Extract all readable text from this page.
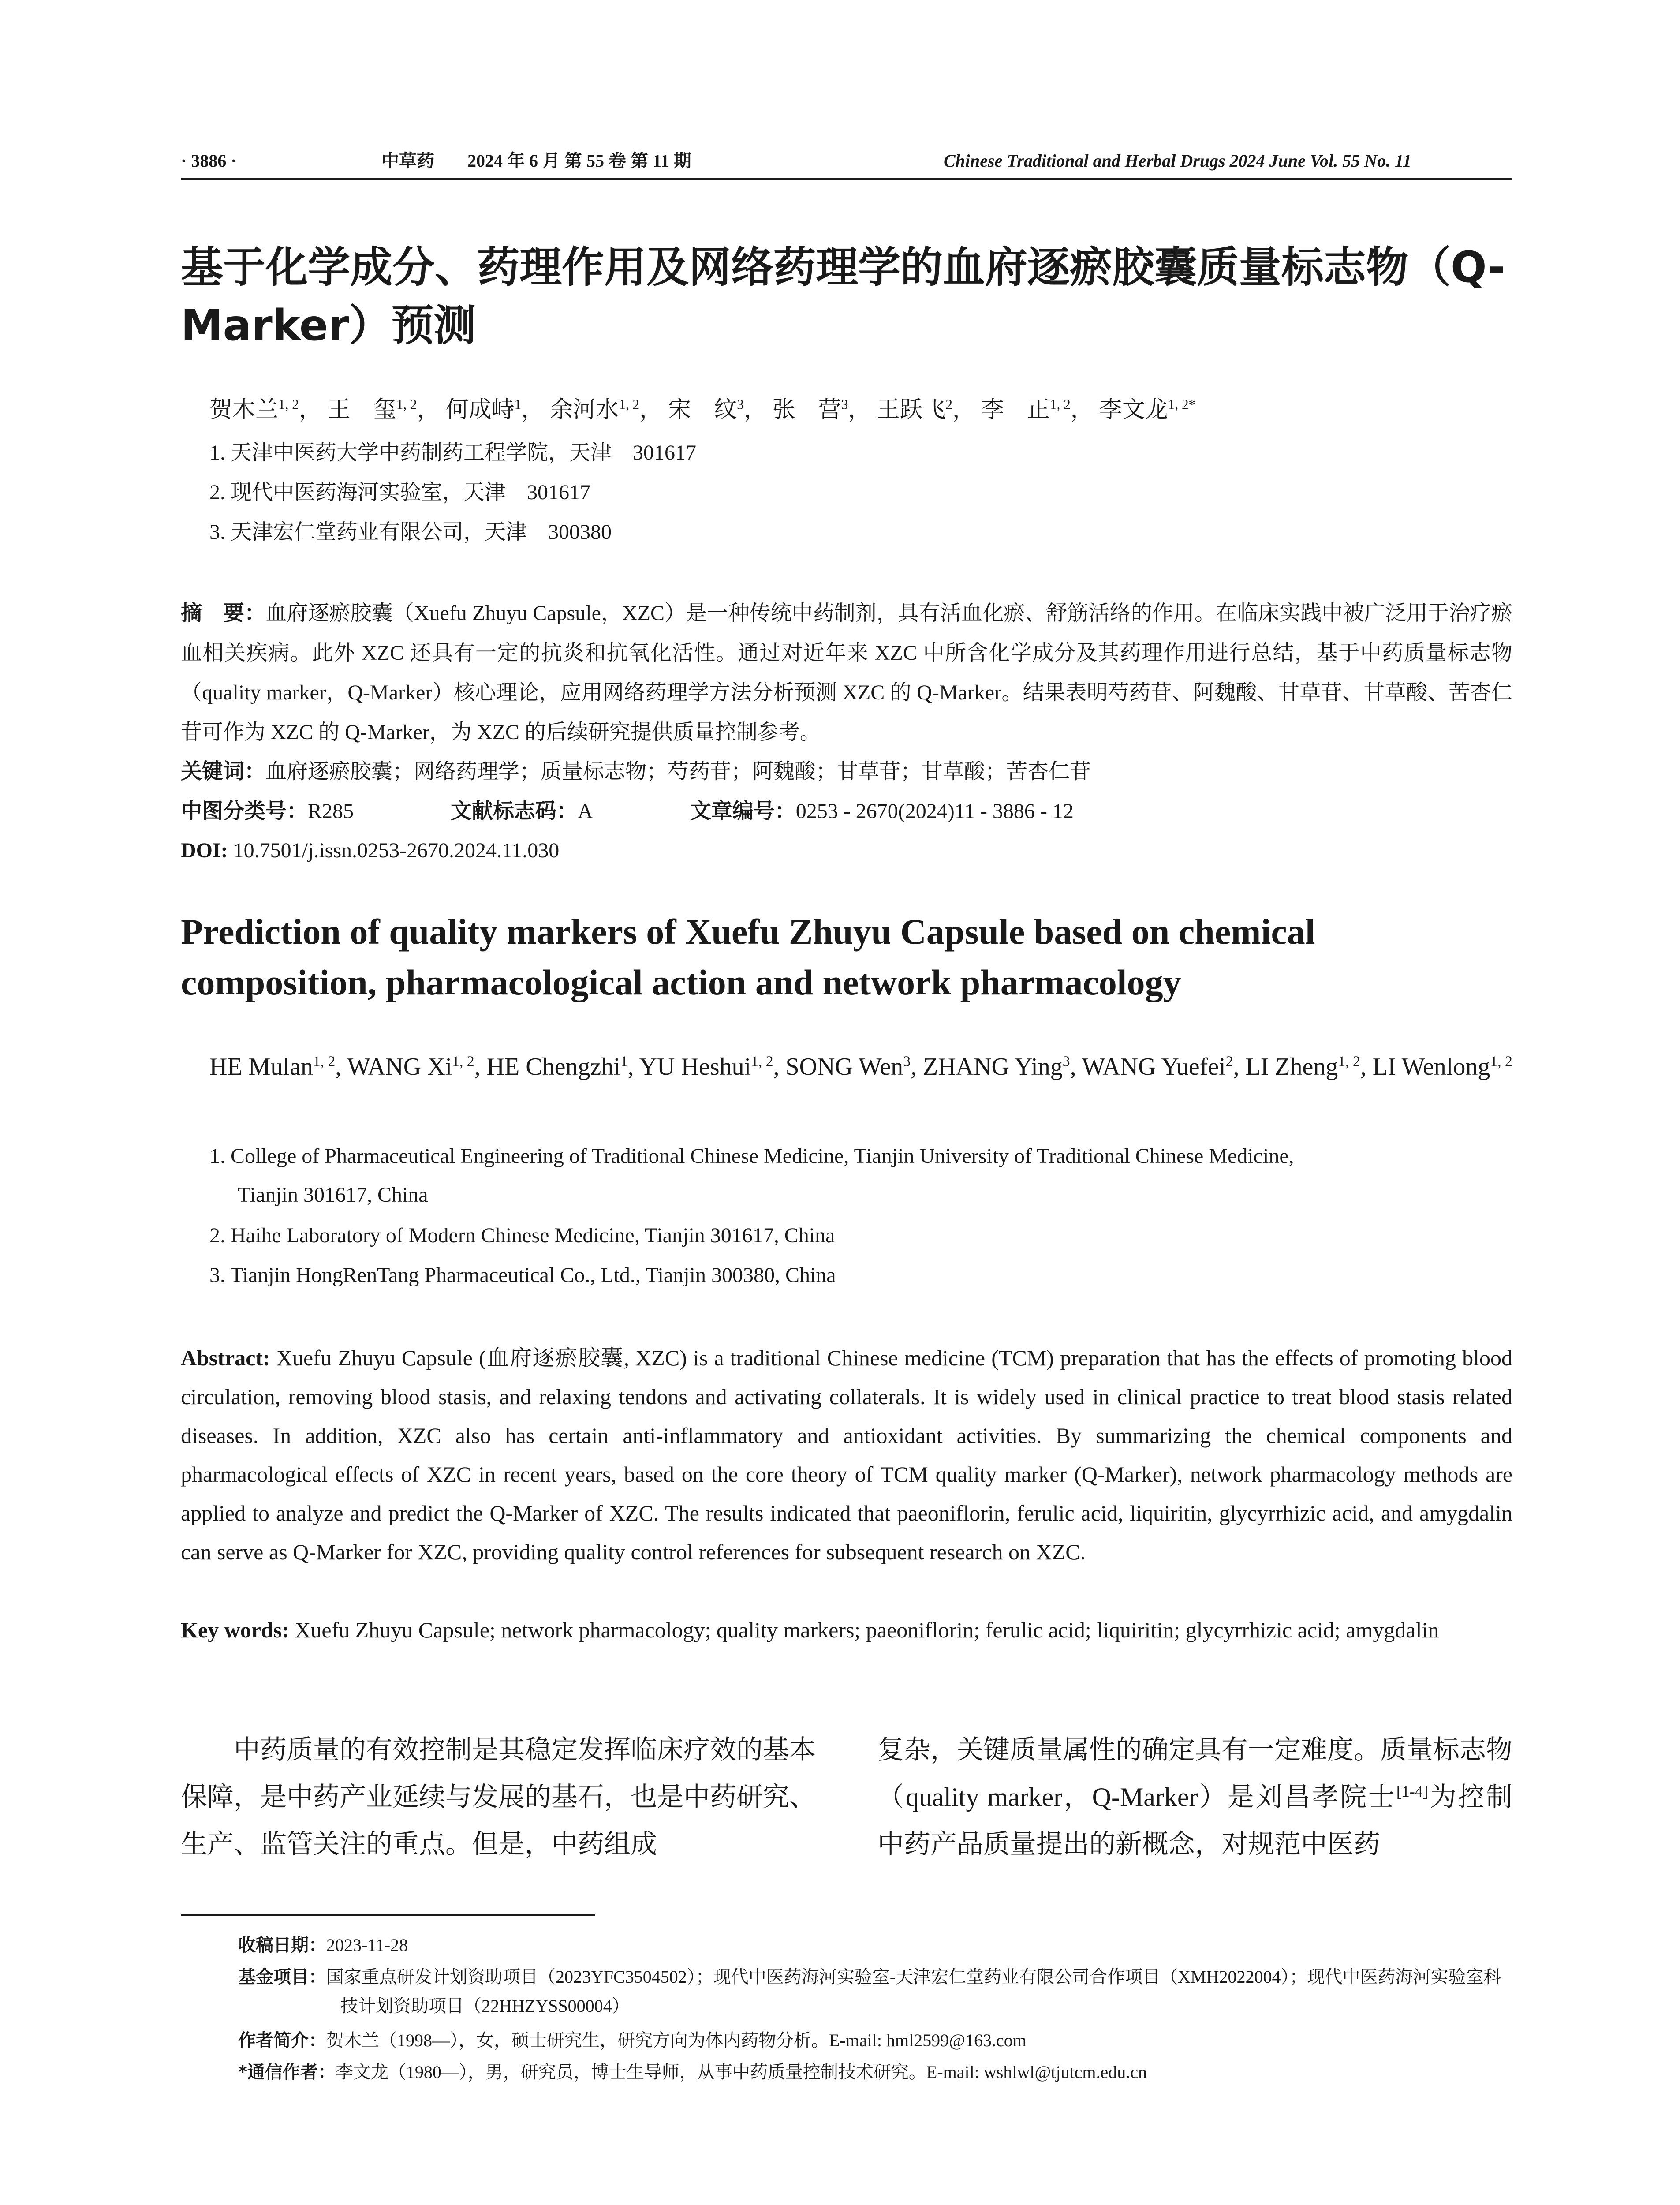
· 3886 ·	中草药 2024 年 6 月 第 55 卷 第 11 期	Chinese Traditional and Herbal Drugs 2024 June Vol. 55 No. 11
基于化学成分、药理作用及网络药理学的血府逐瘀胶囊质量标志物（Q-Marker）预测
贺木兰$^{1, 2}$， 王　玺$^{1, 2}$， 何成峙$^1$， 余河水$^{1, 2}$， 宋　纹$^3$， 张　营$^3$， 王跃飞$^2$， 李　正$^{1, 2}$， 李文龙$^{1, 2*}$
1. 天津中医药大学中药制药工程学院，天津　301617
2. 现代中医药海河实验室，天津　301617
3. 天津宏仁堂药业有限公司，天津　300380
摘　要：血府逐瘀胶囊（Xuefu Zhuyu Capsule，XZC）是一种传统中药制剂，具有活血化瘀、舒筋活络的作用。在临床实践中被广泛用于治疗瘀血相关疾病。此外 XZC 还具有一定的抗炎和抗氧化活性。通过对近年来 XZC 中所含化学成分及其药理作用进行总结，基于中药质量标志物（quality marker，Q-Marker）核心理论，应用网络药理学方法分析预测 XZC 的 Q-Marker。结果表明芍药苷、阿魏酸、甘草苷、甘草酸、苦杏仁苷可作为 XZC 的 Q-Marker，为 XZC 的后续研究提供质量控制参考。
关键词：血府逐瘀胶囊；网络药理学；质量标志物；芍药苷；阿魏酸；甘草苷；甘草酸；苦杏仁苷
中图分类号：R285	文献标志码：A	文章编号：0253 - 2670(2024)11 - 3886 - 12
DOI: 10.7501/j.issn.0253-2670.2024.11.030
Prediction of quality markers of Xuefu Zhuyu Capsule based on chemical composition, pharmacological action and network pharmacology
HE Mulan$^{1, 2}$, WANG Xi$^{1, 2}$, HE Chengzhi$^1$, YU Heshui$^{1, 2}$, SONG Wen$^3$, ZHANG Ying$^3$, WANG Yuefei$^2$, LI Zheng$^{1, 2}$, LI Wenlong$^{1, 2}$
1. College of Pharmaceutical Engineering of Traditional Chinese Medicine, Tianjin University of Traditional Chinese Medicine,
Tianjin 301617, China
2. Haihe Laboratory of Modern Chinese Medicine, Tianjin 301617, China
3. Tianjin HongRenTang Pharmaceutical Co., Ltd., Tianjin 300380, China
Abstract: Xuefu Zhuyu Capsule (血府逐瘀胶囊, XZC) is a traditional Chinese medicine (TCM) preparation that has the effects of promoting blood circulation, removing blood stasis, and relaxing tendons and activating collaterals. It is widely used in clinical practice to treat blood stasis related diseases. In addition, XZC also has certain anti-inflammatory and antioxidant activities. By summarizing the chemical components and pharmacological effects of XZC in recent years, based on the core theory of TCM quality marker (Q-Marker), network pharmacology methods are applied to analyze and predict the Q-Marker of XZC. The results indicated that paeoniflorin, ferulic acid, liquiritin, glycyrrhizic acid, and amygdalin can serve as Q-Marker for XZC, providing quality control references for subsequent research on XZC.
Key words: Xuefu Zhuyu Capsule; network pharmacology; quality markers; paeoniflorin; ferulic acid; liquiritin; glycyrrhizic acid; amygdalin
中药质量的有效控制是其稳定发挥临床疗效的基本保障，是中药产业延续与发展的基石，也是中药研究、生产、监管关注的重点。但是，中药组成
复杂，关键质量属性的确定具有一定难度。质量标志物（quality marker，Q-Marker）是刘昌孝院士[1-4]为控制中药产品质量提出的新概念，对规范中医药
收稿日期：2023-11-28
基金项目：国家重点研发计划资助项目（2023YFC3504502）；现代中医药海河实验室-天津宏仁堂药业有限公司合作项目（XMH2022004）；现代中医药海河实验室科技计划资助项目（22HHZYSS00004）
作者简介：贺木兰（1998—），女，硕士研究生，研究方向为体内药物分析。E-mail: hml2599@163.com
*通信作者：李文龙（1980—），男，研究员，博士生导师，从事中药质量控制技术研究。E-mail: wshlwl@tjutcm.edu.cn
